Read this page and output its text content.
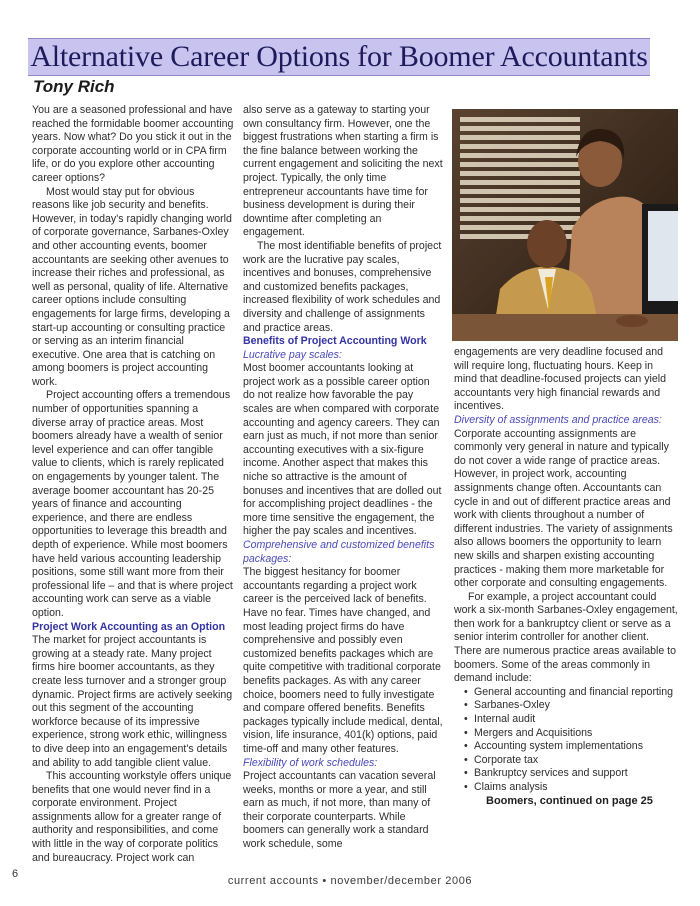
Alternative Career Options for Boomer Accountants
Tony Rich

You are a seasoned professional and have reached the formidable boomer accounting years. Now what? Do you stick it out in the corporate accounting world or in CPA firm life, or do you explore other accounting career options?

Most would stay put for obvious reasons like job security and benefits. However, in today's rapidly changing world of corporate governance, Sarbanes-Oxley and other accounting events, boomer accountants are seeking other avenues to increase their riches and professional, as well as personal, quality of life. Alternative career options include consulting engagements for large firms, developing a start-up accounting or consulting practice or serving as an interim financial executive. One area that is catching on among boomers is project accounting work.

Project accounting offers a tremendous number of opportunities spanning a diverse array of practice areas. Most boomers already have a wealth of senior level experience and can offer tangible value to clients, which is rarely replicated on engagements by younger talent. The average boomer accountant has 20-25 years of finance and accounting experience, and there are endless opportunities to leverage this breadth and depth of experience. While most boomers have held various accounting leadership positions, some still want more from their professional life – and that is where project accounting work can serve as a viable option.

Project Work Accounting as an Option

The market for project accountants is growing at a steady rate. Many project firms hire boomer accountants, as they create less turnover and a stronger group dynamic. Project firms are actively seeking out this segment of the accounting workforce because of its impressive experience, strong work ethic, willingness to dive deep into an engagement's details and ability to add tangible client value.

This accounting workstyle offers unique benefits that one would never find in a corporate environment. Project assignments allow for a greater range of authority and responsibilities, and come with little in the way of corporate politics and bureaucracy. Project work can

also serve as a gateway to starting your own consultancy firm. However, one the biggest frustrations when starting a firm is the fine balance between working the current engagement and soliciting the next project. Typically, the only time entrepreneur accountants have time for business development is during their downtime after completing an engagement.

The most identifiable benefits of project work are the lucrative pay scales, incentives and bonuses, comprehensive and customized benefits packages, increased flexibility of work schedules and diversity and challenge of assignments and practice areas.

Benefits of Project Accounting Work

Lucrative pay scales:

Most boomer accountants looking at project work as a possible career option do not realize how favorable the pay scales are when compared with corporate accounting and agency careers. They can earn just as much, if not more than senior accounting executives with a six-figure income. Another aspect that makes this niche so attractive is the amount of bonuses and incentives that are dolled out for accomplishing project deadlines - the more time sensitive the engagement, the higher the pay scales and incentives.

Comprehensive and customized benefits packages:

The biggest hesitancy for boomer accountants regarding a project work career is the perceived lack of benefits. Have no fear. Times have changed, and most leading project firms do have comprehensive and possibly even customized benefits packages which are quite competitive with traditional corporate benefits packages. As with any career choice, boomers need to fully investigate and compare offered benefits. Benefits packages typically include medical, dental, vision, life insurance, 401(k) options, paid time-off and many other features.

Flexibility of work schedules:

Project accountants can vacation several weeks, months or more a year, and still earn as much, if not more, than many of their corporate counterparts. While boomers can generally work a standard work schedule, some

engagements are very deadline focused and will require long, fluctuating hours. Keep in mind that deadline-focused projects can yield accountants very high financial rewards and incentives.

Diversity of assignments and practice areas:

Corporate accounting assignments are commonly very general in nature and typically do not cover a wide range of practice areas. However, in project work, accounting assignments change often. Accountants can cycle in and out of different practice areas and work with clients throughout a number of different industries. The variety of assignments also allows boomers the opportunity to learn new skills and sharpen existing accounting practices - making them more marketable for other corporate and consulting engagements.

For example, a project accountant could work a six-month Sarbanes-Oxley engagement, then work for a bankruptcy client or serve as a senior interim controller for another client. There are numerous practice areas available to boomers. Some of the areas commonly in demand include:

• General accounting and financial reporting
• Sarbanes-Oxley
• Internal audit
• Mergers and Acquisitions
• Accounting system implementations
• Corporate tax
• Bankruptcy services and support
• Claims analysis
Boomers, continued on page 25
6
current accounts • november/december 2006
